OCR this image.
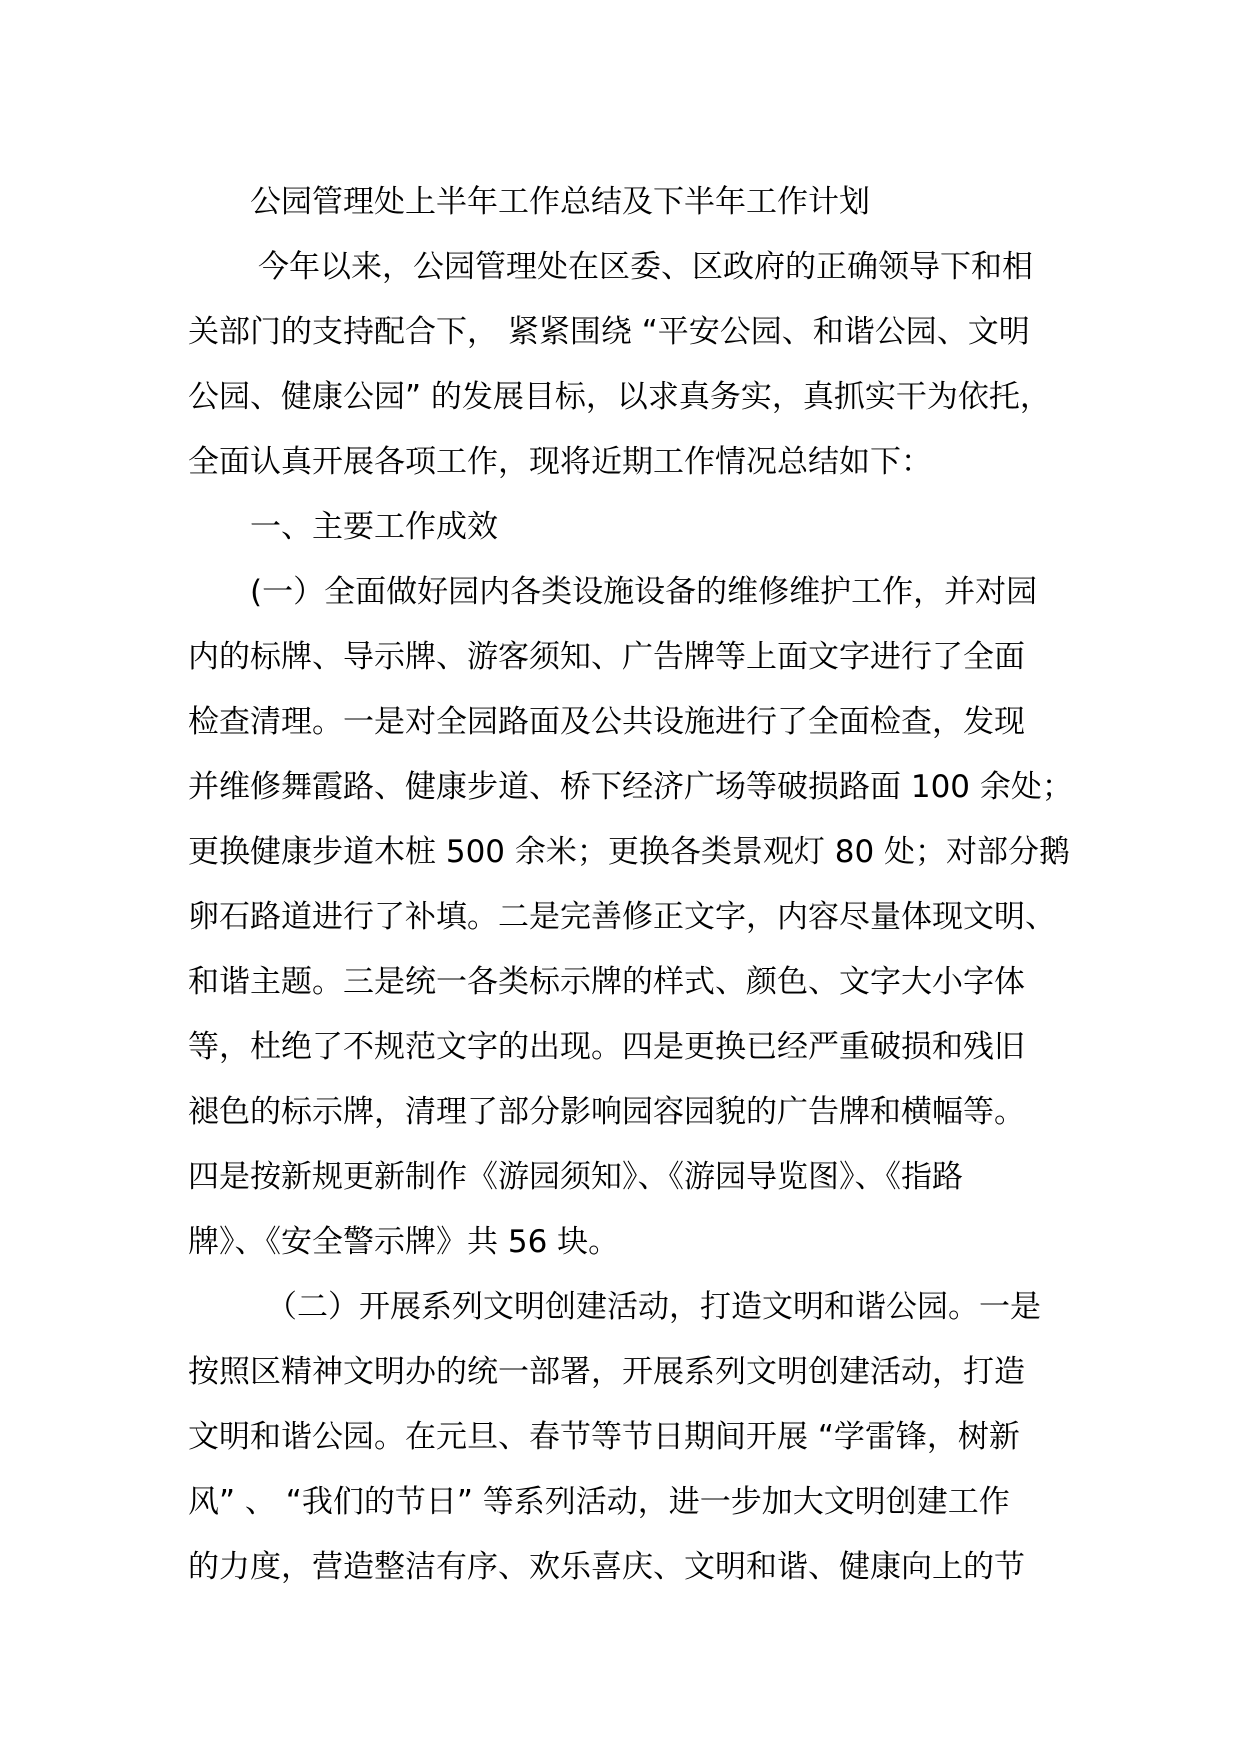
公园管理处上半年工作总结及下半年工作计划
今年以来，公园管理处在区委、区政府的正确领导下和相
关部门的支持配合下， 紧紧围绕 “平安公园、和谐公园、文明
公园、健康公园” 的发展目标，以求真务实，真抓实干为依托，
全面认真开展各项工作，现将近期工作情况总结如下：
一、主要工作成效
(一）全面做好园内各类设施设备的维修维护工作，并对园
内的标牌、导示牌、游客须知、广告牌等上面文字进行了全面
检查清理。一是对全园路面及公共设施进行了全面检查，发现
并维修舞霞路、健康步道、桥下经济广场等破损路面 100 余处；
更换健康步道木桩 500 余米；更换各类景观灯 80 处；对部分鹅
卵石路道进行了补填。二是完善修正文字，内容尽量体现文明、
和谐主题。三是统一各类标示牌的样式、颜色、文字大小字体
等，杜绝了不规范文字的出现。四是更换已经严重破损和残旧
褪色的标示牌，清理了部分影响园容园貌的广告牌和横幅等。
四是按新规更新制作《游园须知》、《游园导览图》、《指路
牌》、《安全警示牌》共 56 块。
（二）开展系列文明创建活动，打造文明和谐公园。一是
按照区精神文明办的统一部署，开展系列文明创建活动，打造
文明和谐公园。在元旦、春节等节日期间开展 “学雷锋，树新
风” 、 “我们的节日” 等系列活动，进一步加大文明创建工作
的力度，营造整洁有序、欢乐喜庆、文明和谐、健康向上的节
